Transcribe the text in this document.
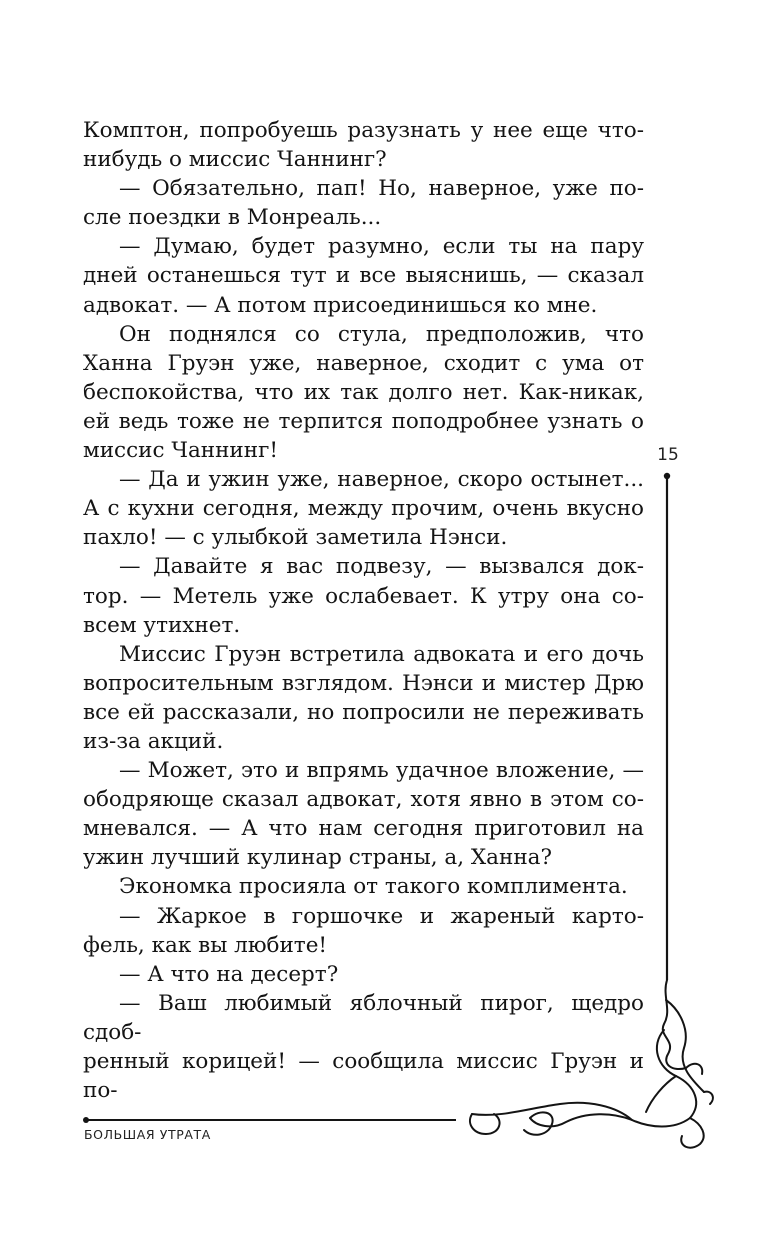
Комптон, попробуешь разузнать у нее еще что-

нибудь о миссис Чаннинг?

— Обязательно, пап! Но, наверное, уже по-

сле поездки в Монреаль...

— Думаю, будет разумно, если ты на пару

дней останешься тут и все выяснишь, — сказал

адвокат. — А потом присоединишься ко мне.

Он поднялся со стула, предположив, что

Ханна Груэн уже, наверное, сходит с ума от

беспокойства, что их так долго нет. Как-никак,

ей ведь тоже не терпится поподробнее узнать о

миссис Чаннинг!

— Да и ужин уже, наверное, скоро остынет...

А с кухни сегодня, между прочим, очень вкусно

пахло! — с улыбкой заметила Нэнси.

— Давайте я вас подвезу, — вызвался док-

тор. — Метель уже ослабевает. К утру она со-

всем утихнет.

Миссис Груэн встретила адвоката и его дочь

вопросительным взглядом. Нэнси и мистер Дрю

все ей рассказали, но попросили не переживать

из-за акций.

— Может, это и впрямь удачное вложение, —

ободряюще сказал адвокат, хотя явно в этом со-

мневался. — А что нам сегодня приготовил на

ужин лучший кулинар страны, а, Ханна?

Экономка просияла от такого комплимента.

— Жаркое в горшочке и жареный карто-

фель, как вы любите!

— А что на десерт?

— Ваш любимый яблочный пирог, щедро сдоб-

ренный корицей! — сообщила миссис Груэн и по-

15
БОЛЬШАЯ УТРАТА
